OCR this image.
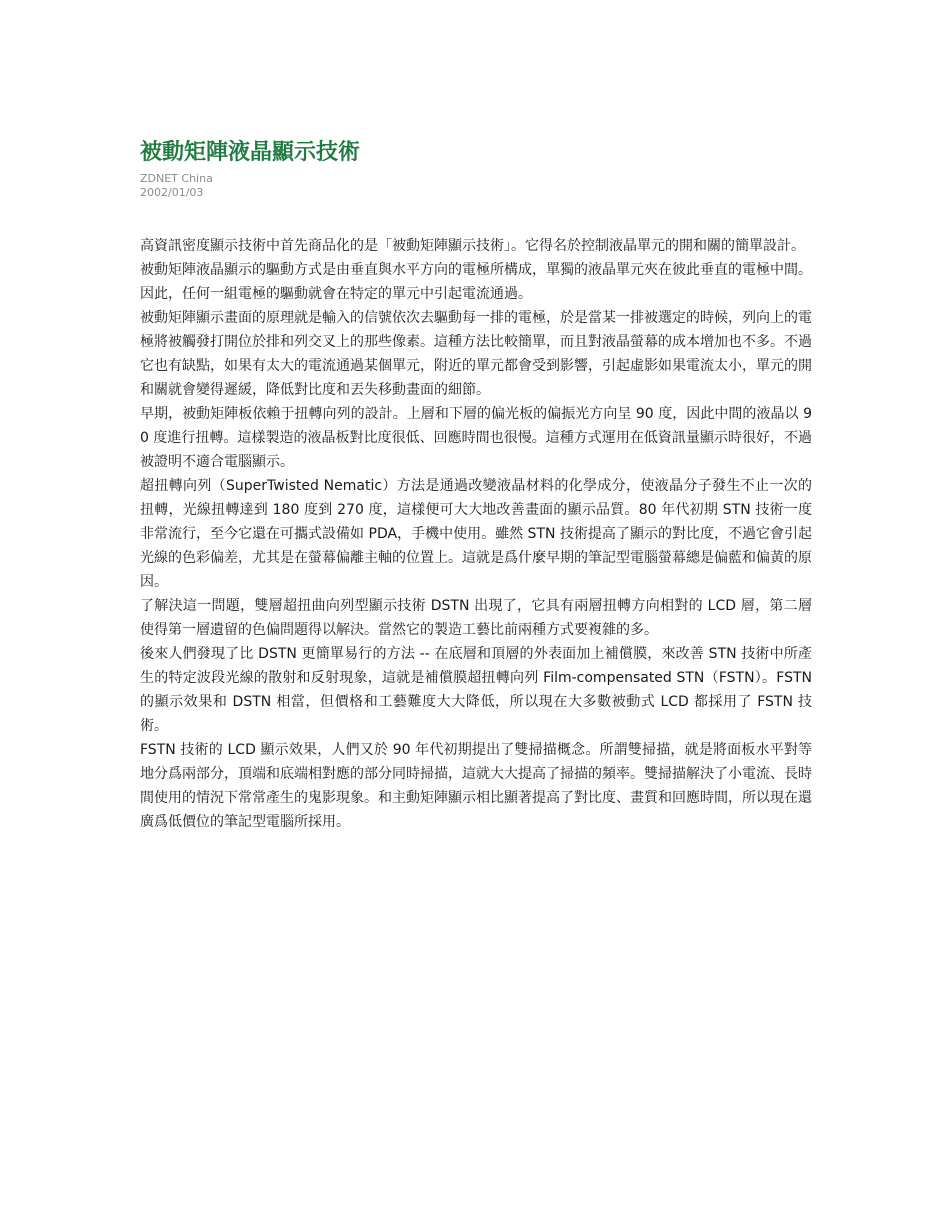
被動矩陣液晶顯示技術
ZDNET China
2002/01/03

高資訊密度顯示技術中首先商品化的是「被動矩陣顯示技術」。它得名於控制液晶單元的開和關的簡單設計。

被動矩陣液晶顯示的驅動方式是由垂直與水平方向的電極所構成，單獨的液晶單元夾在彼此垂直的電極中間。因此，任何一組電極的驅動就會在特定的單元中引起電流通過。

被動矩陣顯示畫面的原理就是輸入的信號依次去驅動每一排的電極，於是當某一排被選定的時候，列向上的電極將被觸發打開位於排和列交叉上的那些像素。這種方法比較簡單，而且對液晶螢幕的成本增加也不多。不過它也有缺點，如果有太大的電流通過某個單元，附近的單元都會受到影響，引起虛影如果電流太小，單元的開和關就會變得遲緩，降低對比度和丟失移動畫面的細節。

早期，被動矩陣板依賴于扭轉向列的設計。上層和下層的偏光板的偏振光方向呈 90 度，因此中間的液晶以 90 度進行扭轉。這樣製造的液晶板對比度很低、回應時間也很慢。這種方式運用在低資訊量顯示時很好，不過被證明不適合電腦顯示。

超扭轉向列（SuperTwisted Nematic）方法是通過改變液晶材料的化學成分，使液晶分子發生不止一次的扭轉，光線扭轉達到 180 度到 270 度，這樣便可大大地改善畫面的顯示品質。80 年代初期 STN 技術一度非常流行，至今它還在可攜式設備如 PDA，手機中使用。雖然 STN 技術提高了顯示的對比度，不過它會引起光線的色彩偏差，尤其是在螢幕偏離主軸的位置上。這就是爲什麼早期的筆記型電腦螢幕總是偏藍和偏黃的原因。

了解決這一問題，雙層超扭曲向列型顯示技術 DSTN 出現了，它具有兩層扭轉方向相對的 LCD 層，第二層使得第一層遺留的色偏問題得以解決。當然它的製造工藝比前兩種方式要複雜的多。

後來人們發現了比 DSTN 更簡單易行的方法 -- 在底層和頂層的外表面加上補償膜，來改善 STN 技術中所產生的特定波段光線的散射和反射現象，這就是補償膜超扭轉向列 Film-compensated STN（FSTN）。FSTN 的顯示效果和 DSTN 相當，但價格和工藝難度大大降低，所以現在大多數被動式 LCD 都採用了 FSTN 技術。

FSTN 技術的 LCD 顯示效果，人們又於 90 年代初期提出了雙掃描概念。所謂雙掃描，就是將面板水平對等地分爲兩部分，頂端和底端相對應的部分同時掃描，這就大大提高了掃描的頻率。雙掃描解決了小電流、長時間使用的情況下常常產生的鬼影現象。和主動矩陣顯示相比顯著提高了對比度、畫質和回應時間，所以現在還廣爲低價位的筆記型電腦所採用。
